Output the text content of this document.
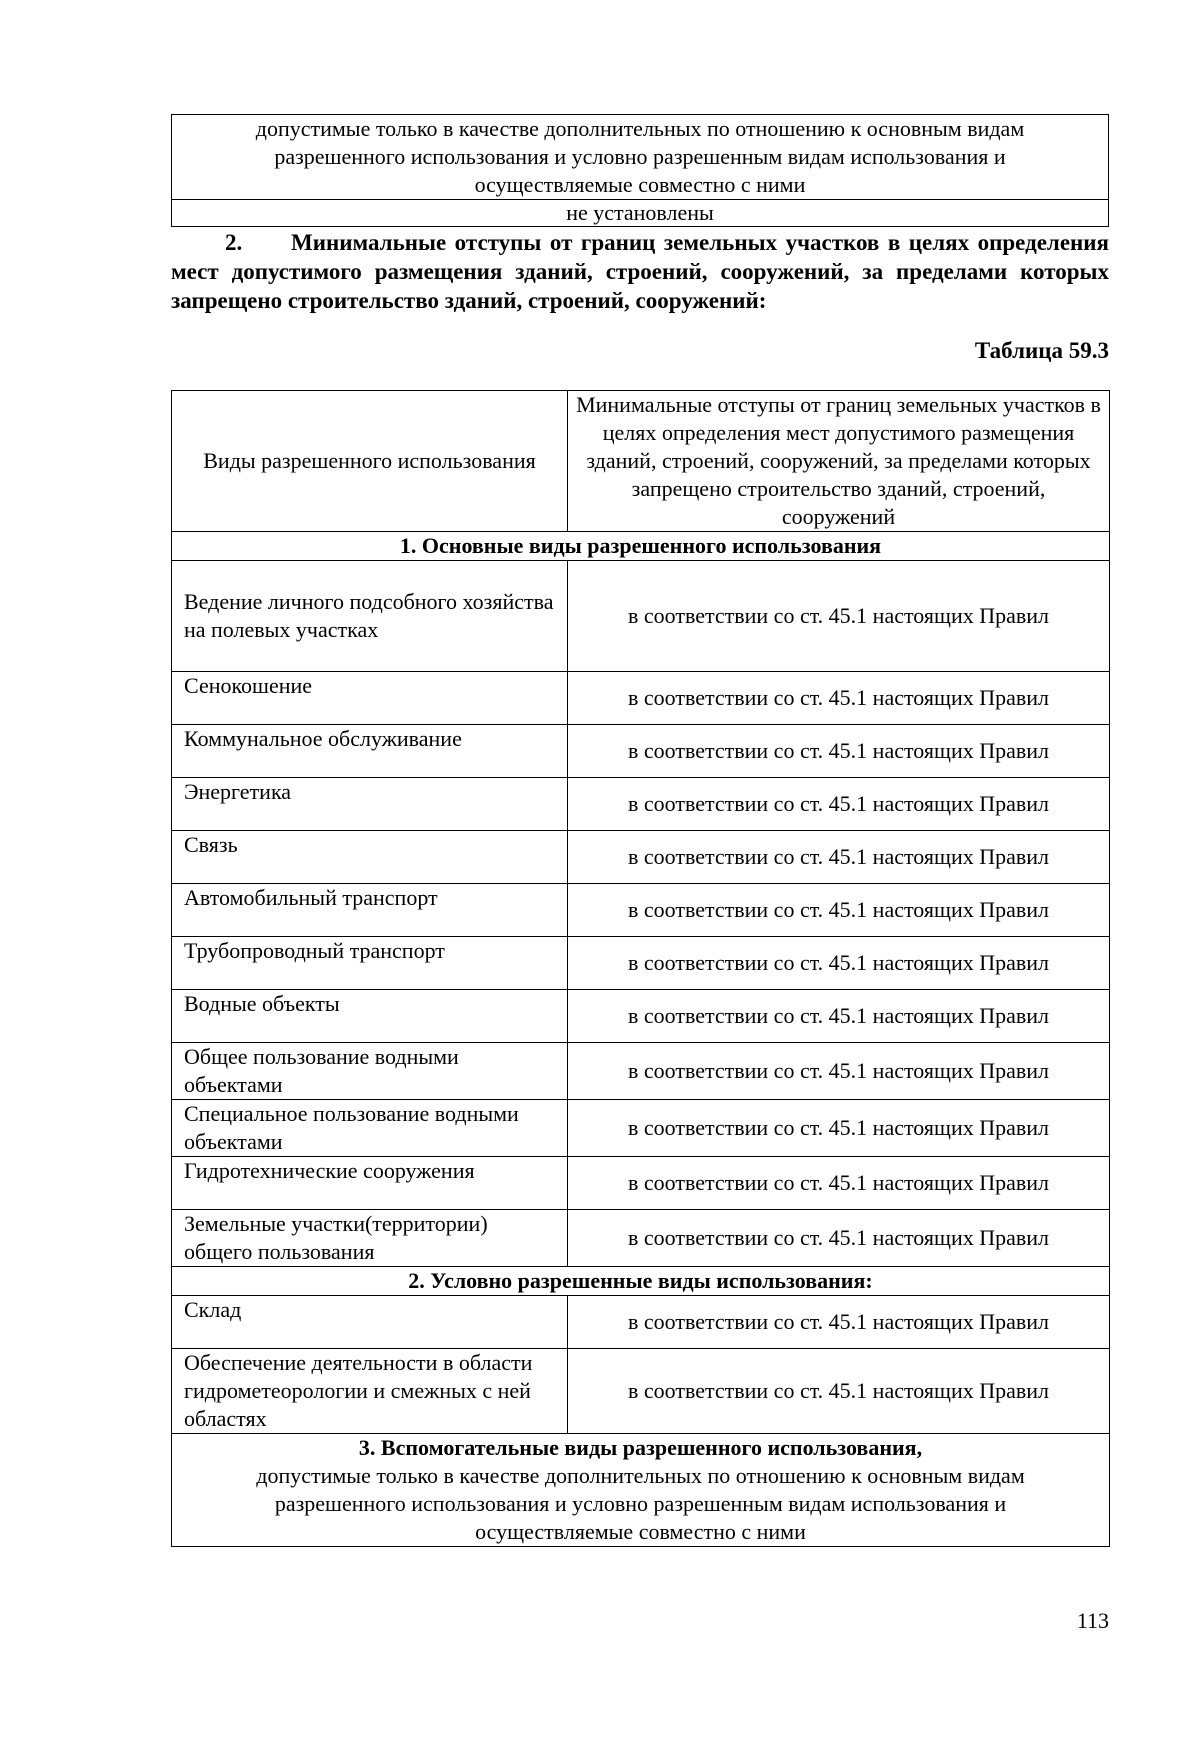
допустимые только в качестве дополнительных по отношению к основным видам разрешенного использования и условно разрешенным видам использования и осуществляемые совместно с ними
не установлены
2. Минимальные отступы от границ земельных участков в целях определения мест допустимого размещения зданий, строений, сооружений, за пределами которых запрещено строительство зданий, строений, сооружений:
Таблица 59.3
Виды разрешенного использования	Минимальные отступы от границ земельных участков в целях определения мест допустимого размещения зданий, строений, сооружений, за пределами которых запрещено строительство зданий, строений, сооружений
1. Основные виды разрешенного использования	
Ведение личного подсобного хозяйства на полевых участках	в соответствии со ст. 45.1 настоящих Правил
Сенокошение	в соответствии со ст. 45.1 настоящих Правил
Коммунальное обслуживание	в соответствии со ст. 45.1 настоящих Правил
Энергетика	в соответствии со ст. 45.1 настоящих Правил
Связь	в соответствии со ст. 45.1 настоящих Правил
Автомобильный транспорт	в соответствии со ст. 45.1 настоящих Правил
Трубопроводный транспорт	в соответствии со ст. 45.1 настоящих Правил
Водные объекты	в соответствии со ст. 45.1 настоящих Правил
Общее пользование водными объектами	в соответствии со ст. 45.1 настоящих Правил
Специальное пользование водными объектами	в соответствии со ст. 45.1 настоящих Правил
Гидротехнические сооружения	в соответствии со ст. 45.1 настоящих Правил
Земельные участки(территории) общего пользования	в соответствии со ст. 45.1 настоящих Правил
2. Условно разрешенные виды использования:	
Склад	в соответствии со ст. 45.1 настоящих Правил
Обеспечение деятельности в области гидрометеорологии и смежных с ней областях	в соответствии со ст. 45.1 настоящих Правил

3. Вспомогательные виды разрешенного использования,
допустимые только в качестве дополнительных по отношению к основным видам разрешенного использования и условно разрешенным видам использования и осуществляемые совместно с ними	
113
